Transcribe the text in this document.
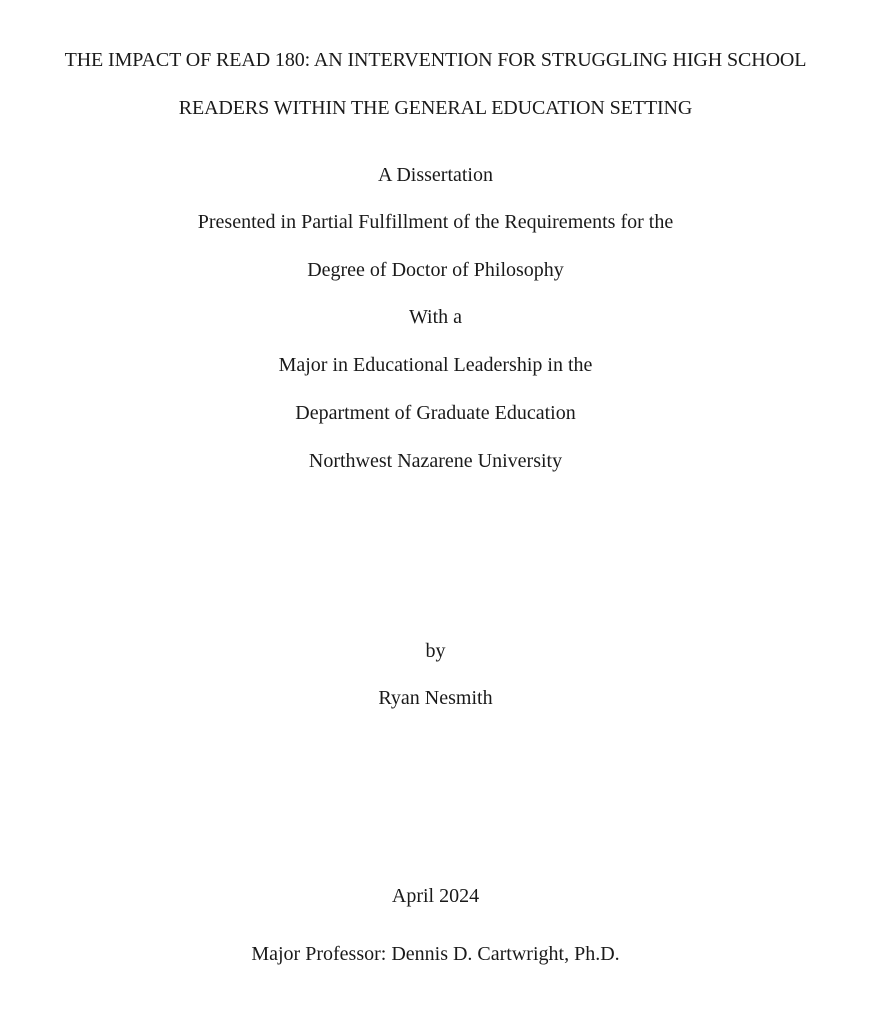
THE IMPACT OF READ 180: AN INTERVENTION FOR STRUGGLING HIGH SCHOOL

READERS WITHIN THE GENERAL EDUCATION SETTING

A Dissertation

Presented in Partial Fulfillment of the Requirements for the

Degree of Doctor of Philosophy

With a

Major in Educational Leadership in the

Department of Graduate Education

Northwest Nazarene University

by

Ryan Nesmith

April 2024

Major Professor: Dennis D. Cartwright, Ph.D.
